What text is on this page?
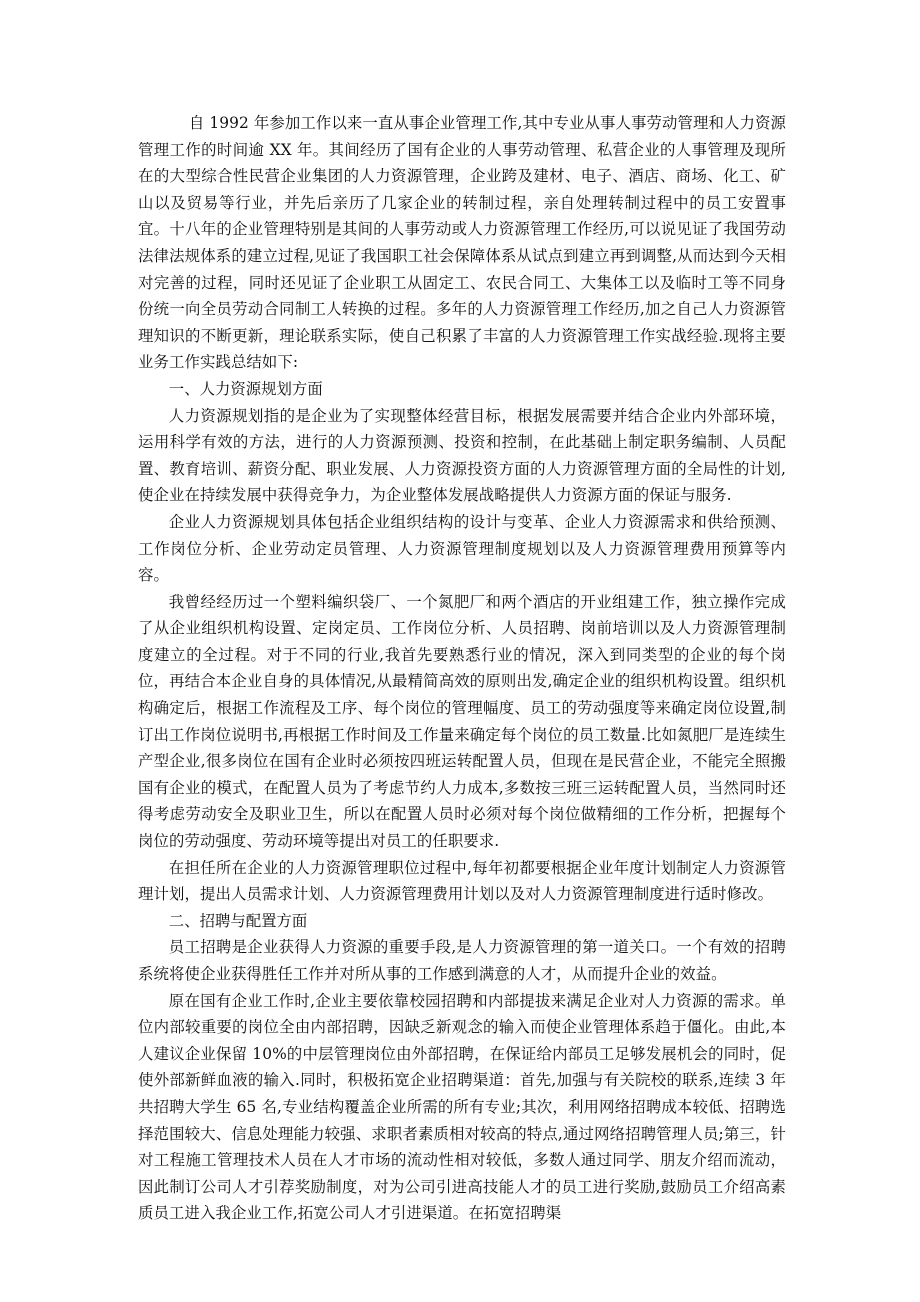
自 1992 年参加工作以来一直从事企业管理工作,其中专业从事人事劳动管理和人力资源管理工作的时间逾 XX 年。其间经历了国有企业的人事劳动管理、私营企业的人事管理及现所在的大型综合性民营企业集团的人力资源管理，企业跨及建材、电子、酒店、商场、化工、矿山以及贸易等行业，并先后亲历了几家企业的转制过程，亲自处理转制过程中的员工安置事宜。十八年的企业管理特别是其间的人事劳动或人力资源管理工作经历,可以说见证了我国劳动法律法规体系的建立过程,见证了我国职工社会保障体系从试点到建立再到调整,从而达到今天相对完善的过程，同时还见证了企业职工从固定工、农民合同工、大集体工以及临时工等不同身份统一向全员劳动合同制工人转换的过程。多年的人力资源管理工作经历,加之自己人力资源管理知识的不断更新，理论联系实际，使自己积累了丰富的人力资源管理工作实战经验.现将主要业务工作实践总结如下:

一、人力资源规划方面

人力资源规划指的是企业为了实现整体经营目标，根据发展需要并结合企业内外部环境，运用科学有效的方法，进行的人力资源预测、投资和控制，在此基础上制定职务编制、人员配置、教育培训、薪资分配、职业发展、人力资源投资方面的人力资源管理方面的全局性的计划,使企业在持续发展中获得竞争力，为企业整体发展战略提供人力资源方面的保证与服务.

企业人力资源规划具体包括企业组织结构的设计与变革、企业人力资源需求和供给预测、工作岗位分析、企业劳动定员管理、人力资源管理制度规划以及人力资源管理费用预算等内容。

我曾经经历过一个塑料编织袋厂、一个氮肥厂和两个酒店的开业组建工作，独立操作完成了从企业组织机构设置、定岗定员、工作岗位分析、人员招聘、岗前培训以及人力资源管理制度建立的全过程。对于不同的行业,我首先要熟悉行业的情况，深入到同类型的企业的每个岗位，再结合本企业自身的具体情况,从最精简高效的原则出发,确定企业的组织机构设置。组织机构确定后，根据工作流程及工序、每个岗位的管理幅度、员工的劳动强度等来确定岗位设置,制订出工作岗位说明书,再根据工作时间及工作量来确定每个岗位的员工数量.比如氮肥厂是连续生产型企业,很多岗位在国有企业时必须按四班运转配置人员，但现在是民营企业，不能完全照搬国有企业的模式，在配置人员为了考虑节约人力成本,多数按三班三运转配置人员，当然同时还得考虑劳动安全及职业卫生，所以在配置人员时必须对每个岗位做精细的工作分析，把握每个岗位的劳动强度、劳动环境等提出对员工的任职要求.

在担任所在企业的人力资源管理职位过程中,每年初都要根据企业年度计划制定人力资源管理计划，提出人员需求计划、人力资源管理费用计划以及对人力资源管理制度进行适时修改。

二、招聘与配置方面

员工招聘是企业获得人力资源的重要手段,是人力资源管理的第一道关口。一个有效的招聘系统将使企业获得胜任工作并对所从事的工作感到满意的人才，从而提升企业的效益。

原在国有企业工作时,企业主要依靠校园招聘和内部提拔来满足企业对人力资源的需求。单位内部较重要的岗位全由内部招聘，因缺乏新观念的输入而使企业管理体系趋于僵化。由此,本人建议企业保留 10%的中层管理岗位由外部招聘，在保证给内部员工足够发展机会的同时，促使外部新鲜血液的输入.同时，积极拓宽企业招聘渠道：首先,加强与有关院校的联系,连续 3 年共招聘大学生 65 名,专业结构覆盖企业所需的所有专业;其次，利用网络招聘成本较低、招聘选择范围较大、信息处理能力较强、求职者素质相对较高的特点,通过网络招聘管理人员;第三，针对工程施工管理技术人员在人才市场的流动性相对较低，多数人通过同学、朋友介绍而流动，因此制订公司人才引荐奖励制度，对为公司引进高技能人才的员工进行奖励,鼓励员工介绍高素质员工进入我企业工作,拓宽公司人才引进渠道。在拓宽招聘渠
